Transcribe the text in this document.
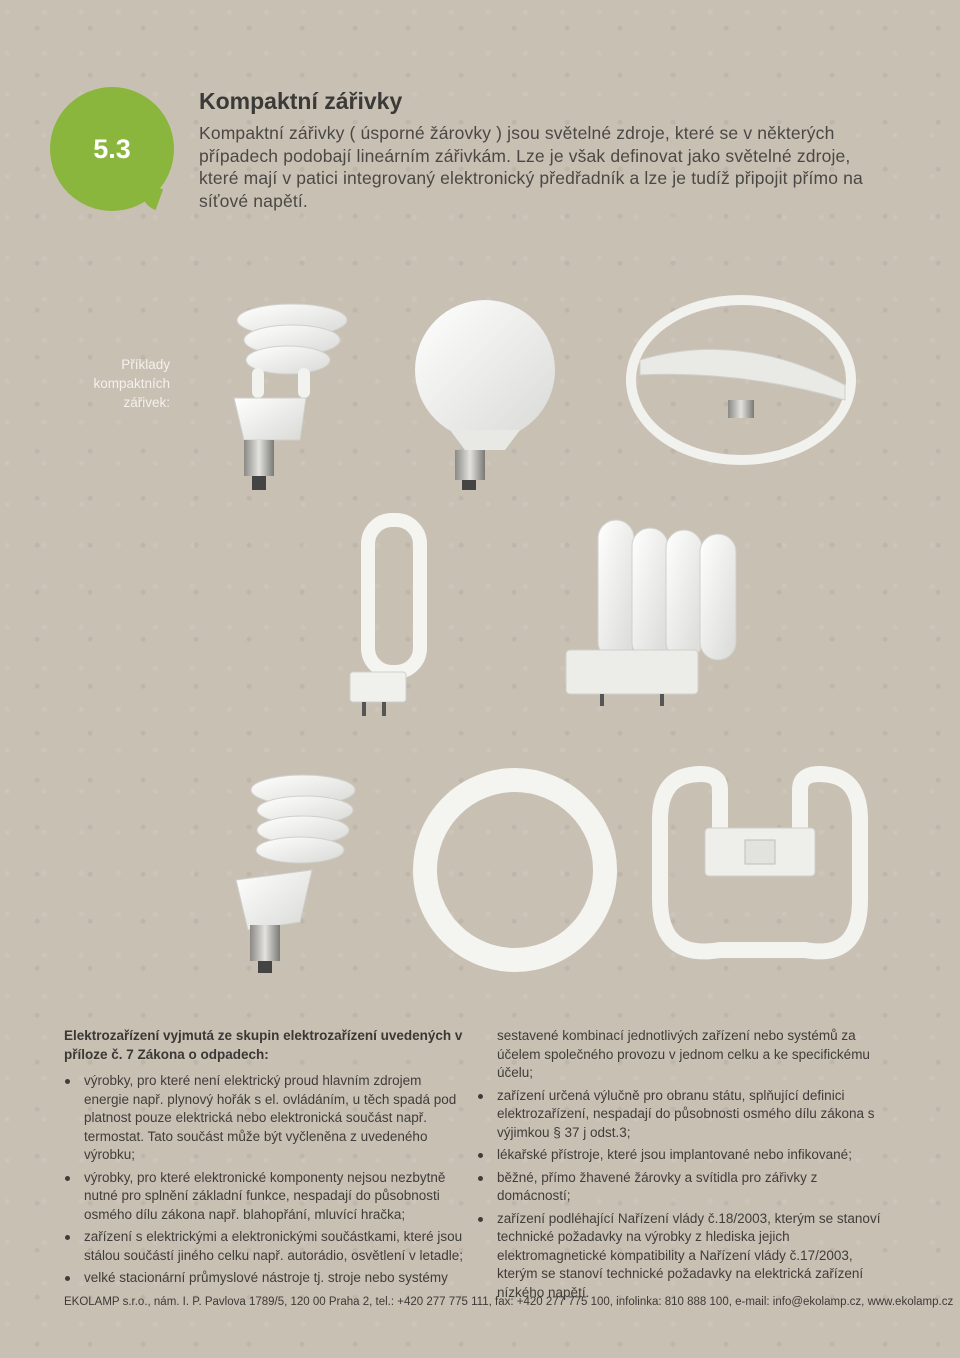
5.3
Kompaktní zářivky

Kompaktní zářivky ( úsporné žárovky ) jsou světelné zdroje, které se v některých případech podobají lineárním zářivkám. Lze je však definovat jako světelné zdroje, které mají v patici integrovaný elektronický předřadník a lze je tudíž připojit přímo na síťové napětí.

Příklady kompaktních zářivek:

Elektrozařízení vyjmutá ze skupin elektrozařízení uvedených v příloze č. 7 Zákona o odpadech:

výrobky, pro které není elektrický proud hlavním zdrojem energie např. plynový hořák s el. ovládáním, u těch spadá pod platnost pouze elektrická nebo elektronická součást např. termostat. Tato součást může být vyčleněna z uvedeného výrobku;
výrobky, pro které elektronické komponenty nejsou nezbytně nutné pro splnění základní funkce, nespadají do působnosti osmého dílu zákona např. blahopřání, mluvící hračka;
zařízení s elektrickými a elektronickými součástkami, které jsou stálou součástí jiného celku např. autorádio, osvětlení v letadle;
velké stacionární průmyslové nástroje tj. stroje nebo systémy

sestavené kombinací jednotlivých zařízení nebo systémů za účelem společného provozu v jednom celku a ke specifickému účelu;

zařízení určená výlučně pro obranu státu, splňující definici elektrozařízení, nespadají do působnosti osmého dílu zákona s výjimkou § 37 j odst.3;
lékařské přístroje, které jsou implantované nebo infikované;
běžné, přímo žhavené žárovky a svítidla pro zářivky z domácností;
zařízení podléhající Nařízení vlády č.18/2003, kterým se stanoví technické požadavky na výrobky z hlediska jejich elektromagnetické kompatibility a Nařízení vlády č.17/2003, kterým se stanoví technické požadavky na elektrická zařízení nízkého napětí.
EKOLAMP s.r.o., nám. I. P. Pavlova 1789/5, 120 00 Praha 2, tel.: +420 277 775 111, fax: +420 277 775 100, infolinka: 810 888 100, e-mail: info@ekolamp.cz, www.ekolamp.cz
